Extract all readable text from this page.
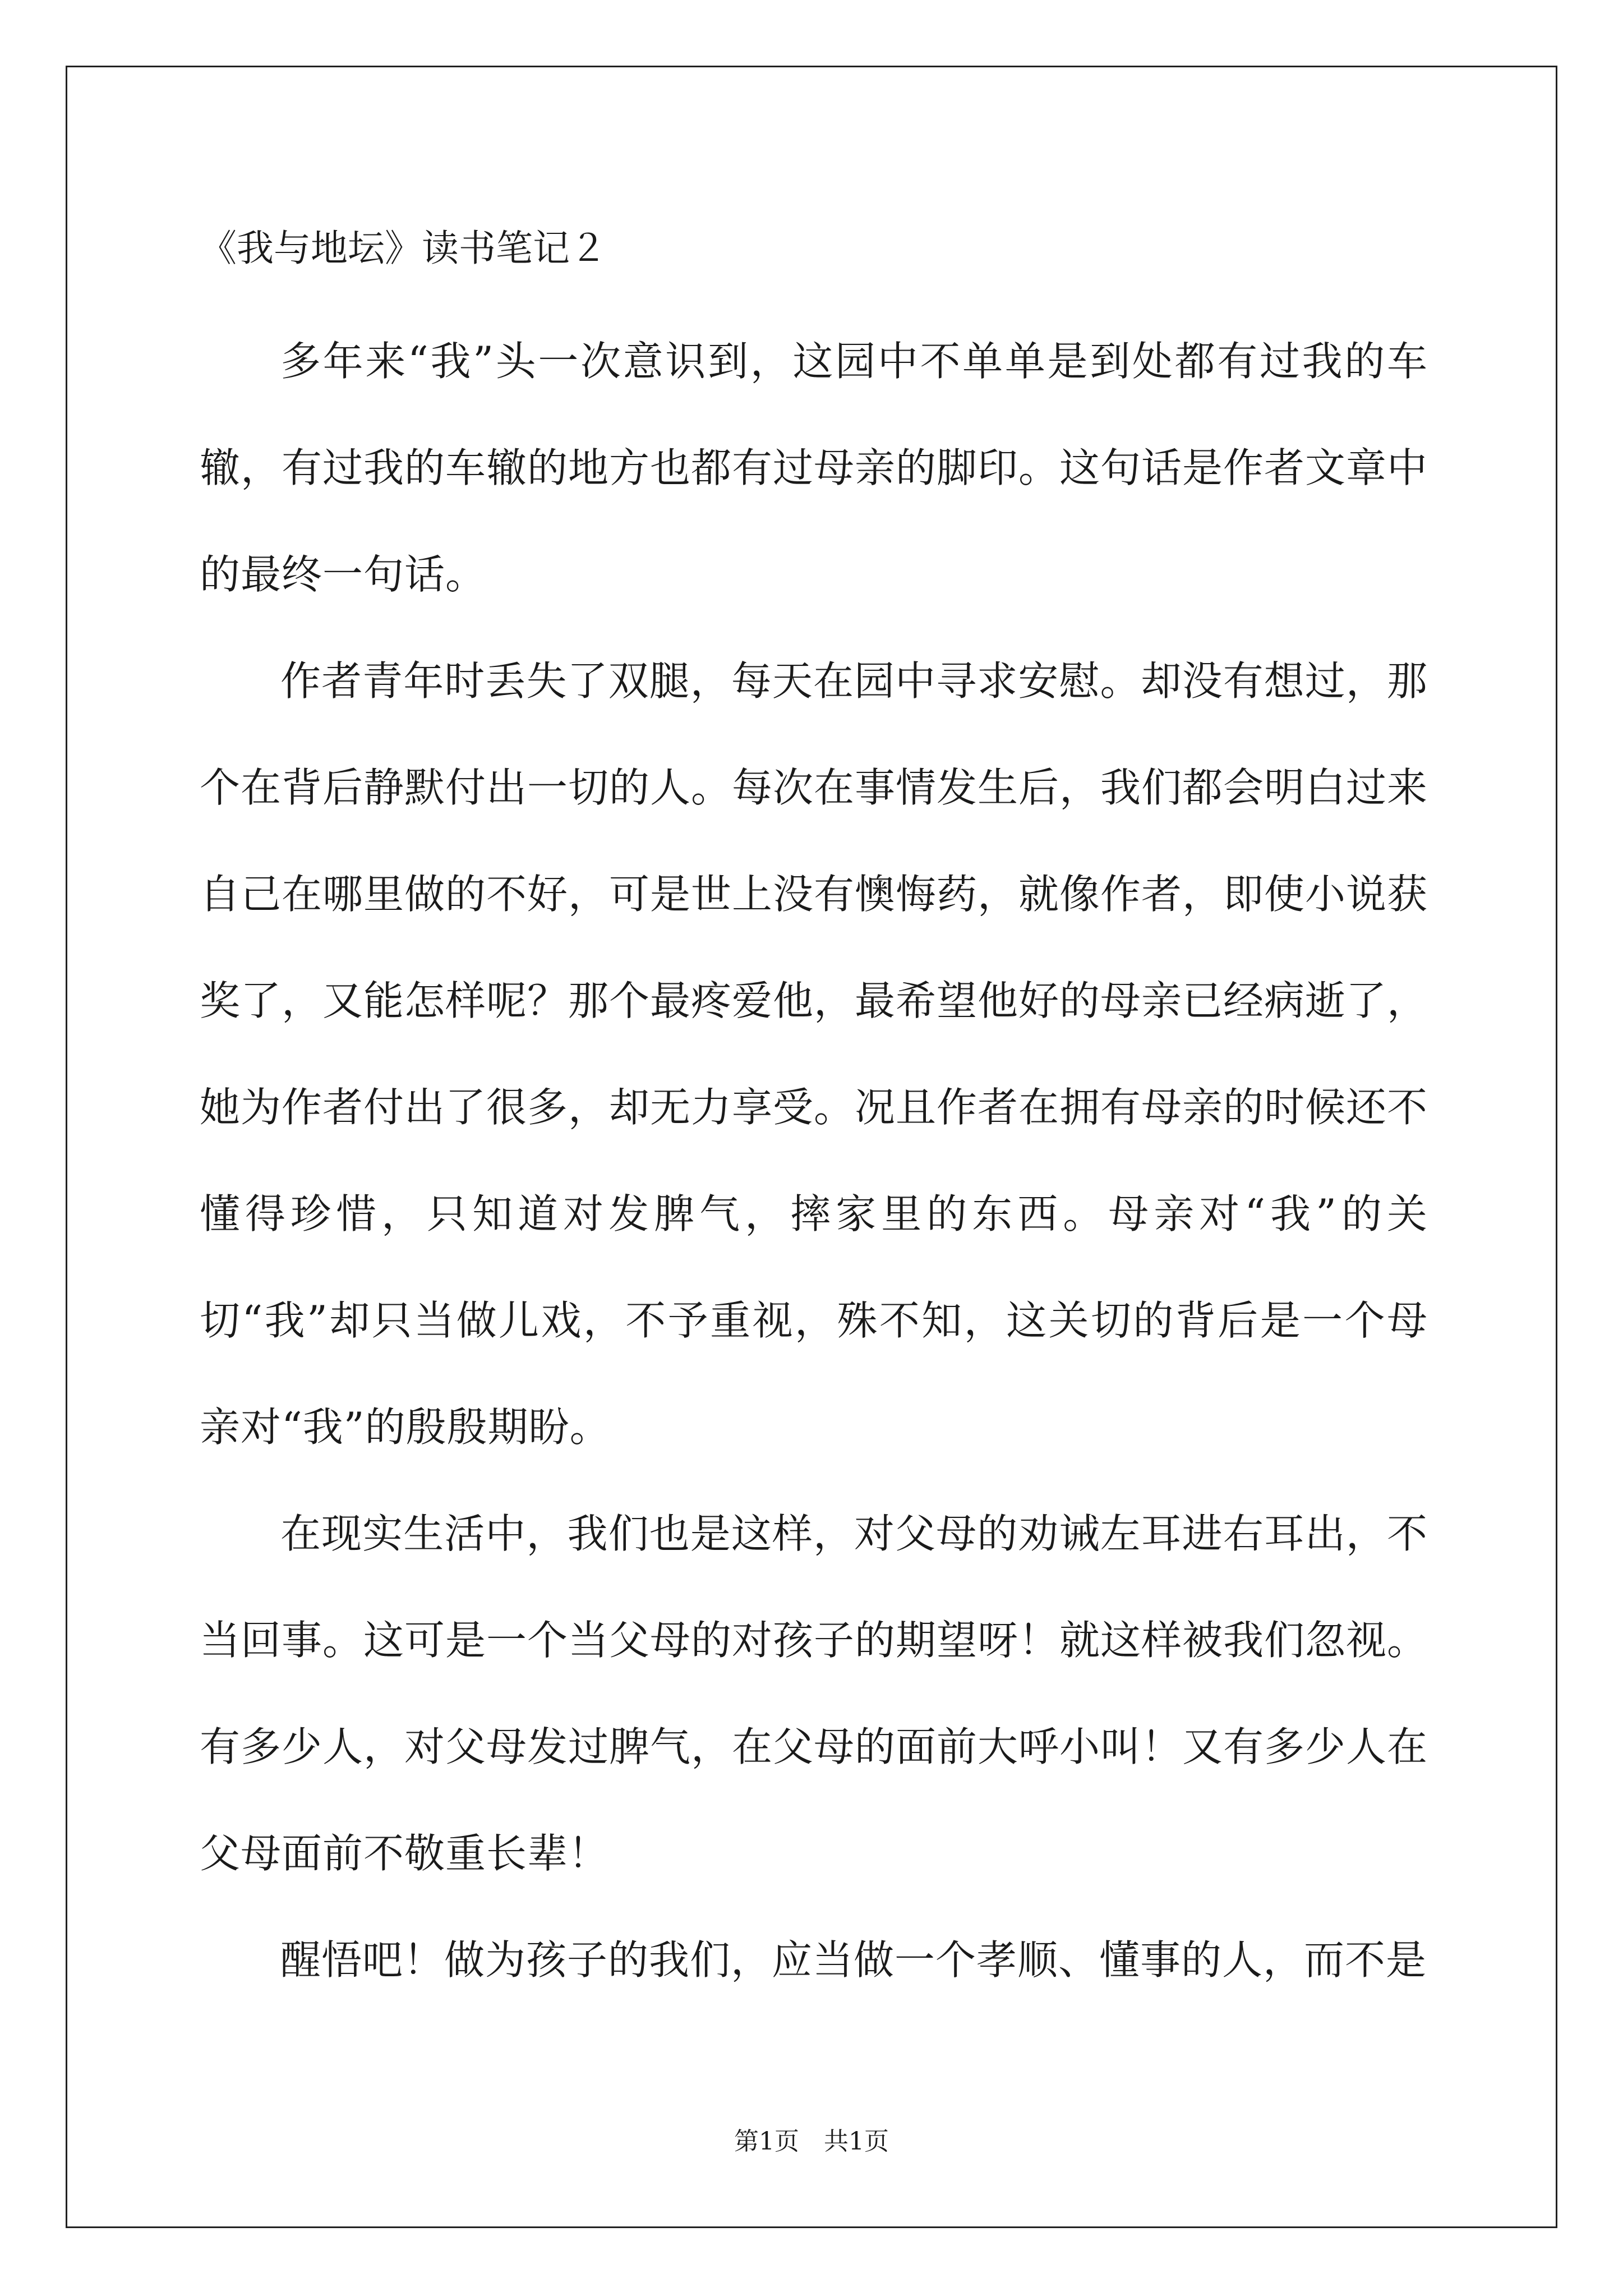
《我与地坛》读书笔记２

多年来“我”头一次意识到，这园中不单单是到处都有过我的车辙，有过我的车辙的地方也都有过母亲的脚印。这句话是作者文章中的最终一句话。

作者青年时丢失了双腿，每天在园中寻求安慰。却没有想过，那个在背后静默付出一切的人。每次在事情发生后，我们都会明白过来自己在哪里做的不好，可是世上没有懊悔药，就像作者，即使小说获奖了，又能怎样呢？那个最疼爱他，最希望他好的母亲已经病逝了，她为作者付出了很多，却无力享受。况且作者在拥有母亲的时候还不懂得珍惜，只知道对发脾气，摔家里的东西。母亲对“我”的关切“我”却只当做儿戏，不予重视，殊不知，这关切的背后是一个母亲对“我”的殷殷期盼。

在现实生活中，我们也是这样，对父母的劝诫左耳进右耳出，不当回事。这可是一个当父母的对孩子的期望呀！就这样被我们忽视。有多少人，对父母发过脾气，在父母的面前大呼小叫！又有多少人在父母面前不敬重长辈！

醒悟吧！做为孩子的我们，应当做一个孝顺、懂事的人，而不是

第1页　共1页
